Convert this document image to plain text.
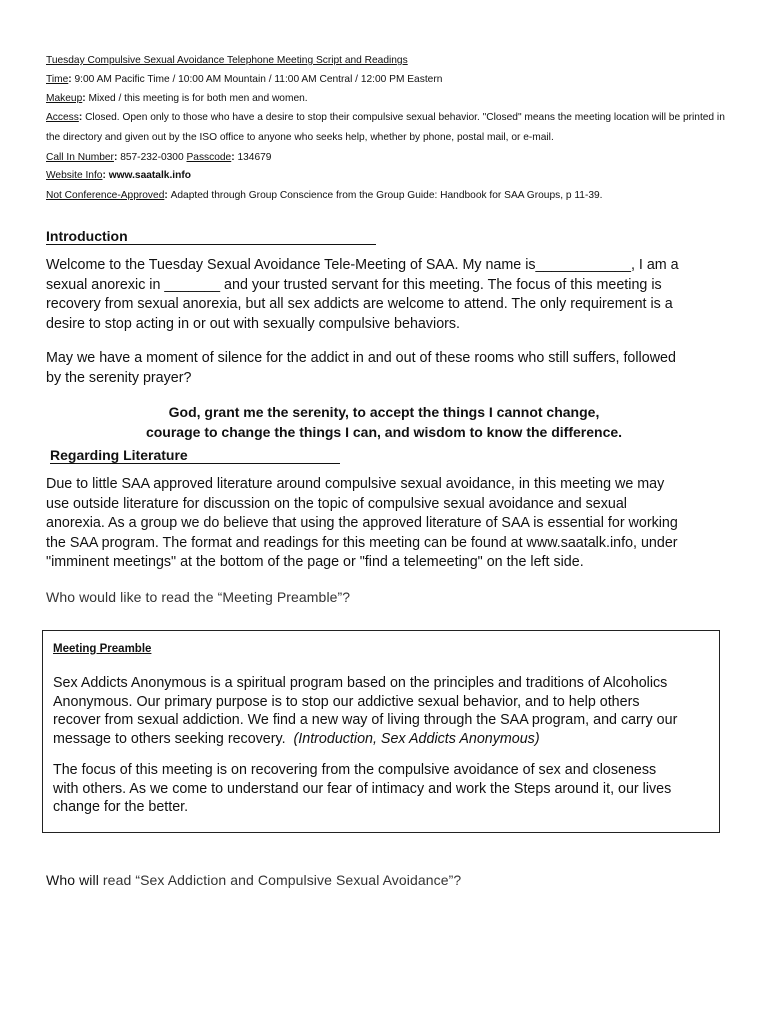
Tuesday Compulsive Sexual Avoidance Telephone Meeting Script and Readings
Time: 9:00 AM Pacific Time / 10:00 AM Mountain / 11:00 AM Central / 12:00 PM Eastern
Makeup: Mixed / this meeting is for both men and women.
Access: Closed. Open only to those who have a desire to stop their compulsive sexual behavior. "Closed" means the meeting location will be printed in
the directory and given out by the ISO office to anyone who seeks help, whether by phone, postal mail, or e-mail.
Call In Number: 857-232-0300 Passcode: 134679
Website Info: www.saatalk.info
Not Conference-Approved: Adapted through Group Conscience from the Group Guide: Handbook for SAA Groups, p 11-39.
Introduction
Welcome to the Tuesday Sexual Avoidance Tele-Meeting of SAA. My name is____________, I am a
sexual anorexic in _______ and your trusted servant for this meeting. The focus of this meeting is
recovery from sexual anorexia, but all sex addicts are welcome to attend. The only requirement is a
desire to stop acting in or out with sexually compulsive behaviors.
May we have a moment of silence for the addict in and out of these rooms who still suffers, followed
by the serenity prayer?
God, grant me the serenity, to accept the things I cannot change,
courage to change the things I can, and wisdom to know the difference.
Regarding Literature
Due to little SAA approved literature around compulsive sexual avoidance, in this meeting we may
use outside literature for discussion on the topic of compulsive sexual avoidance and sexual
anorexia. As a group we do believe that using the approved literature of SAA is essential for working
the SAA program. The format and readings for this meeting can be found at www.saatalk.info, under
"imminent meetings" at the bottom of the page or "find a telemeeting" on the left side.
Who would like to read the “Meeting Preamble”?
Meeting Preamble
Sex Addicts Anonymous is a spiritual program based on the principles and traditions of Alcoholics
Anonymous. Our primary purpose is to stop our addictive sexual behavior, and to help others
recover from sexual addiction. We find a new way of living through the SAA program, and carry our
message to others seeking recovery.  (Introduction, Sex Addicts Anonymous)
The focus of this meeting is on recovering from the compulsive avoidance of sex and closeness
with others. As we come to understand our fear of intimacy and work the Steps around it, our lives
change for the better.
Who will read “Sex Addiction and Compulsive Sexual Avoidance”?
